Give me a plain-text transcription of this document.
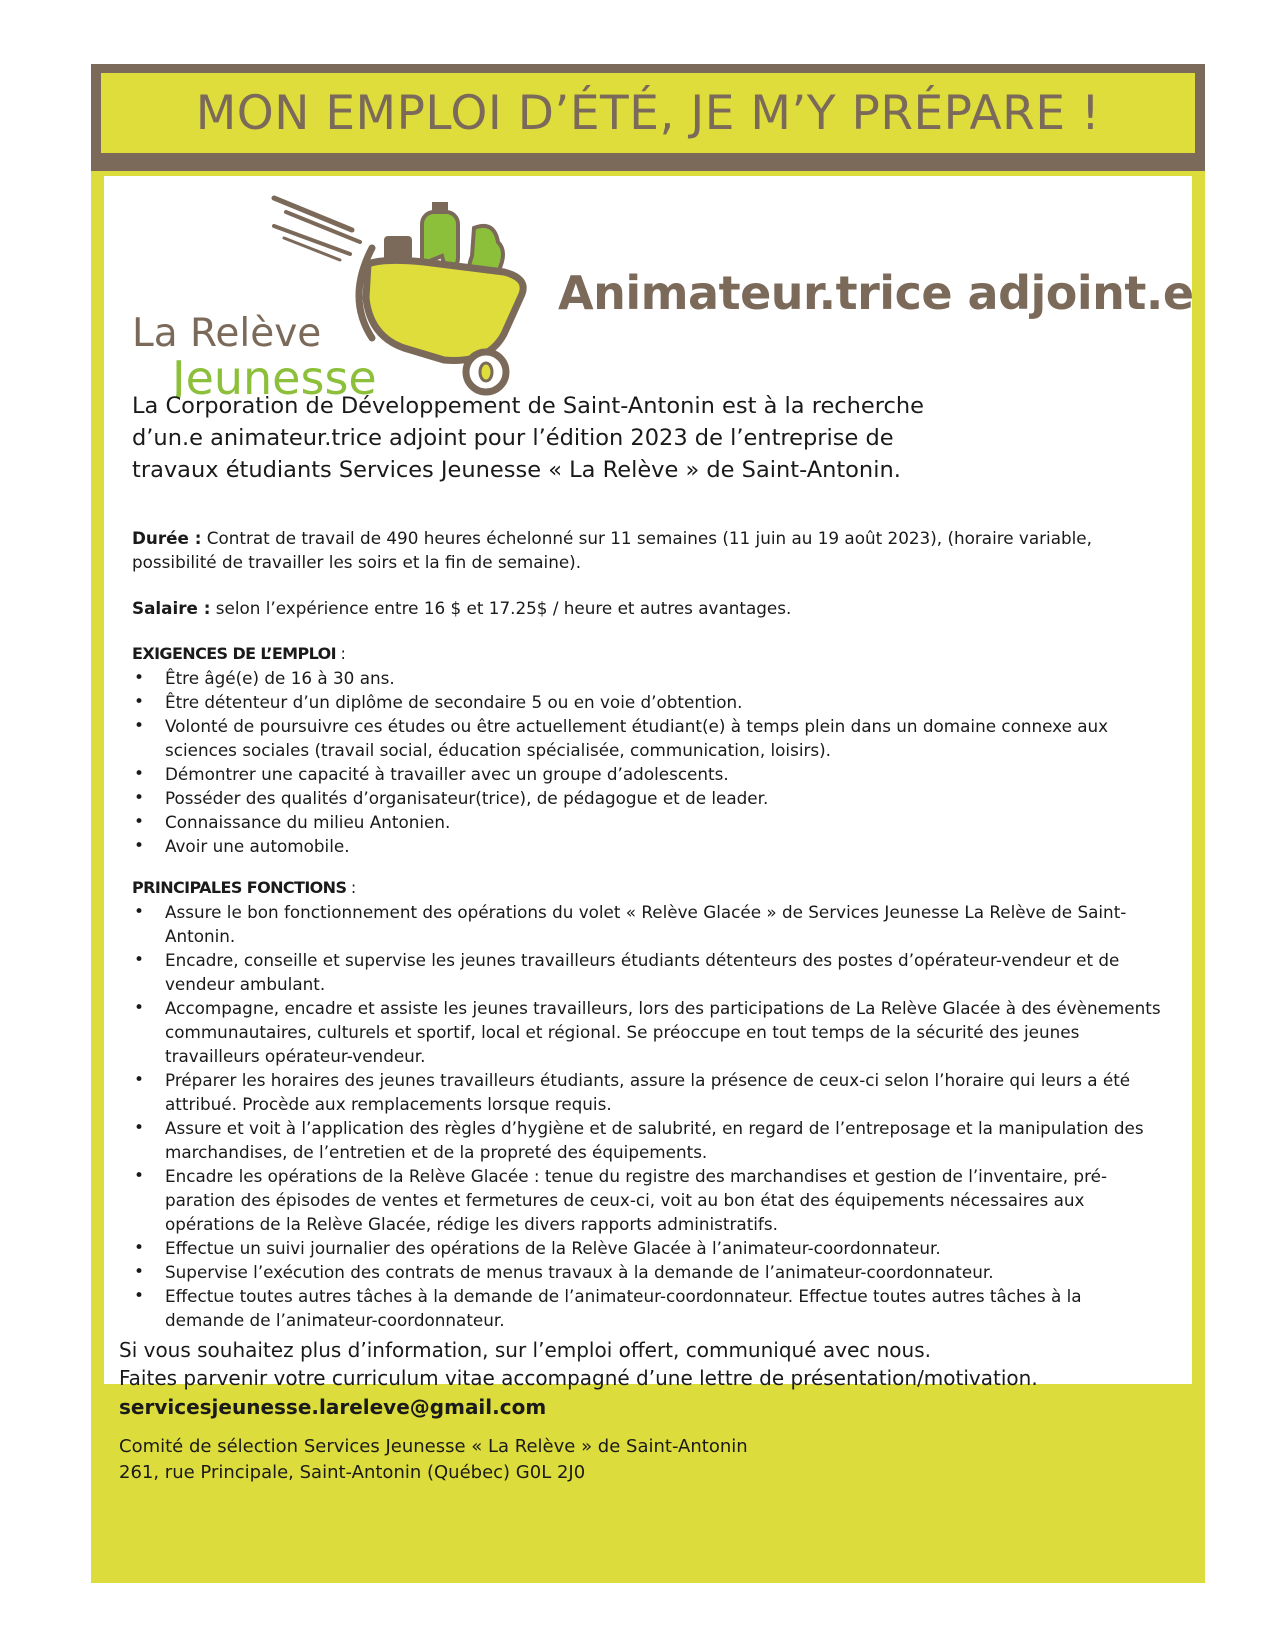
MON EMPLOI D’ÉTÉ, JE M’Y PRÉPARE !
La Relève
Jeunesse
Animateur.trice adjoint.e
La Corporation de Développement de Saint-Antonin est à la recherche
d’un.e animateur.trice adjoint pour l’édition 2023 de l’entreprise de
travaux étudiants Services Jeunesse « La Relève » de Saint-Antonin.

Durée : Contrat de travail de 490 heures échelonné sur 11 semaines (11 juin au 19 août 2023), (horaire variable, possibilité de travailler les soirs et la fin de semaine).

Salaire : selon l’expérience entre 16 $ et 17.25$ / heure et autres avantages.

EXIGENCES DE L’EMPLOI :
• Être âgé(e) de 16 à 30 ans.
• Être détenteur d’un diplôme de secondaire 5 ou en voie d’obtention.
• Volonté de poursuivre ces études ou être actuellement étudiant(e) à temps plein dans un domaine connexe aux sciences sociales (travail social, éducation spécialisée, communication, loisirs).
• Démontrer une capacité à travailler avec un groupe d’adolescents.
• Posséder des qualités d’organisateur(trice), de pédagogue et de leader.
• Connaissance du milieu Antonien.
• Avoir une automobile.
PRINCIPALES FONCTIONS :
• Assure le bon fonctionnement des opérations du volet « Relève Glacée » de Services Jeunesse La Relève de Saint-Antonin.
• Encadre, conseille et supervise les jeunes travailleurs étudiants détenteurs des postes d’opérateur-vendeur et de vendeur ambulant.
• Accompagne, encadre et assiste les jeunes travailleurs, lors des participations de La Relève Glacée à des évènements communautaires, culturels et sportif, local et régional. Se préoccupe en tout temps de la sécurité des jeunes travailleurs opérateur-vendeur.
• Préparer les horaires des jeunes travailleurs étudiants, assure la présence de ceux-ci selon l’horaire qui leurs a été attribué. Procède aux remplacements lorsque requis.
• Assure et voit à l’application des règles d’hygiène et de salubrité, en regard de l’entreposage et la manipulation des marchandises, de l’entretien et de la propreté des équipements.
• Encadre les opérations de la Relève Glacée : tenue du registre des marchandises et gestion de l’inventaire, préparation des épisodes de ventes et fermetures de ceux-ci, voit au bon état des équipements nécessaires aux opérations de la Relève Glacée, rédige les divers rapports administratifs.
• Effectue un suivi journalier des opérations de la Relève Glacée à l’animateur-coordonnateur.
• Supervise l’exécution des contrats de menus travaux à la demande de l’animateur-coordonnateur.
• Effectue toutes autres tâches à la demande de l’animateur-coordonnateur. Effectue toutes autres tâches à la demande de l’animateur-coordonnateur.
Si vous souhaitez plus d’information, sur l’emploi offert, communiqué avec nous.
Faites parvenir votre curriculum vitae accompagné d’une lettre de présentation/motivation.
servicesjeunesse.lareleve@gmail.com
Comité de sélection Services Jeunesse « La Relève » de Saint-Antonin
261, rue Principale, Saint-Antonin (Québec) G0L 2J0
